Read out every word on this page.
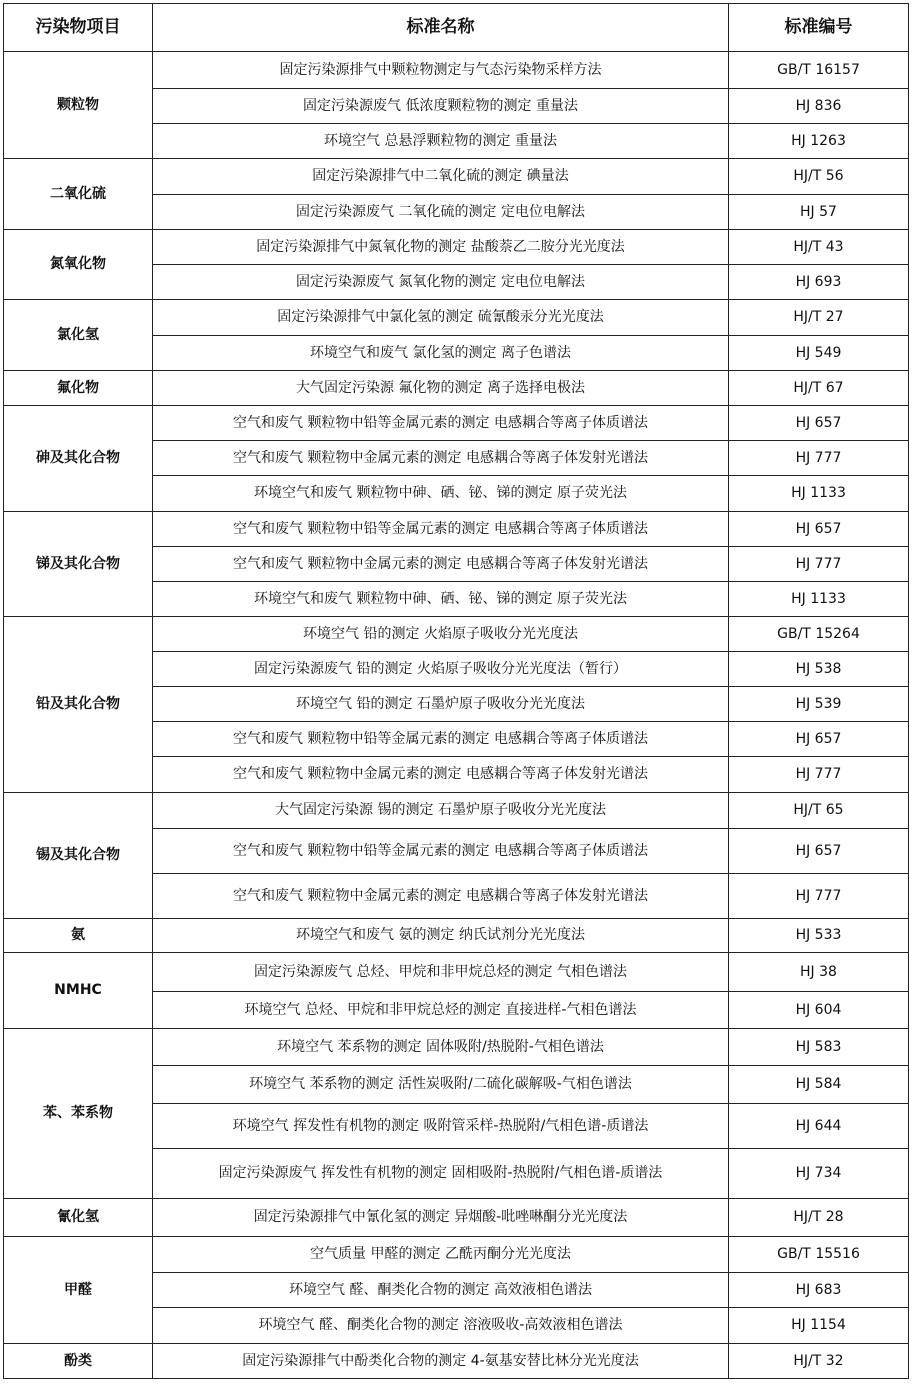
污染物项目	标准名称	标准编号
颗粒物	固定污染源排气中颗粒物测定与气态污染物采样方法	GB/T 16157
	固定污染源废气 低浓度颗粒物的测定 重量法	HJ 836
	环境空气 总悬浮颗粒物的测定 重量法	HJ 1263
二氧化硫	固定污染源排气中二氧化硫的测定 碘量法	HJ/T 56
	固定污染源废气 二氧化硫的测定 定电位电解法	HJ 57
氮氧化物	固定污染源排气中氮氧化物的测定 盐酸萘乙二胺分光光度法	HJ/T 43
	固定污染源废气 氮氧化物的测定 定电位电解法	HJ 693
氯化氢	固定污染源排气中氯化氢的测定 硫氰酸汞分光光度法	HJ/T 27
	环境空气和废气 氯化氢的测定 离子色谱法	HJ 549
氟化物	大气固定污染源 氟化物的测定 离子选择电极法	HJ/T 67
砷及其化合物	空气和废气 颗粒物中铅等金属元素的测定 电感耦合等离子体质谱法	HJ 657
	空气和废气 颗粒物中金属元素的测定 电感耦合等离子体发射光谱法	HJ 777
	环境空气和废气 颗粒物中砷、硒、铋、锑的测定 原子荧光法	HJ 1133
锑及其化合物	空气和废气 颗粒物中铅等金属元素的测定 电感耦合等离子体质谱法	HJ 657
	空气和废气 颗粒物中金属元素的测定 电感耦合等离子体发射光谱法	HJ 777
	环境空气和废气 颗粒物中砷、硒、铋、锑的测定 原子荧光法	HJ 1133
铅及其化合物	环境空气 铅的测定 火焰原子吸收分光光度法	GB/T 15264
	固定污染源废气 铅的测定 火焰原子吸收分光光度法（暂行）	HJ 538
	环境空气 铅的测定 石墨炉原子吸收分光光度法	HJ 539
	空气和废气 颗粒物中铅等金属元素的测定 电感耦合等离子体质谱法	HJ 657
	空气和废气 颗粒物中金属元素的测定 电感耦合等离子体发射光谱法	HJ 777
锡及其化合物	大气固定污染源 锡的测定 石墨炉原子吸收分光光度法	HJ/T 65
	空气和废气 颗粒物中铅等金属元素的测定 电感耦合等离子体质谱法	HJ 657
	空气和废气 颗粒物中金属元素的测定 电感耦合等离子体发射光谱法	HJ 777
氨	环境空气和废气 氨的测定 纳氏试剂分光光度法	HJ 533
NMHC	固定污染源废气 总烃、甲烷和非甲烷总烃的测定 气相色谱法	HJ 38
	环境空气 总烃、甲烷和非甲烷总烃的测定 直接进样-气相色谱法	HJ 604
苯、苯系物	环境空气 苯系物的测定 固体吸附/热脱附-气相色谱法	HJ 583
	环境空气 苯系物的测定 活性炭吸附/二硫化碳解吸-气相色谱法	HJ 584
	环境空气 挥发性有机物的测定 吸附管采样-热脱附/气相色谱-质谱法	HJ 644
	固定污染源废气 挥发性有机物的测定 固相吸附-热脱附/气相色谱-质谱法	HJ 734
氰化氢	固定污染源排气中氰化氢的测定 异烟酸-吡唑啉酮分光光度法	HJ/T 28
甲醛	空气质量 甲醛的测定 乙酰丙酮分光光度法	GB/T 15516
	环境空气 醛、酮类化合物的测定 高效液相色谱法	HJ 683
	环境空气 醛、酮类化合物的测定 溶液吸收-高效液相色谱法	HJ 1154
酚类	固定污染源排气中酚类化合物的测定 4-氨基安替比林分光光度法	HJ/T 32
